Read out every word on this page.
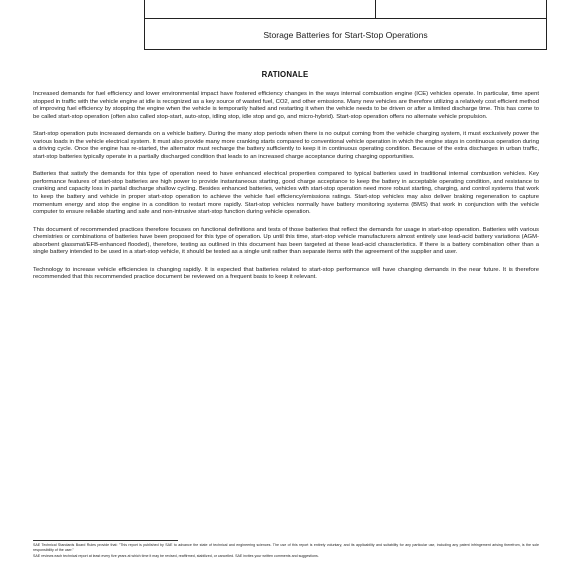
Storage Batteries for Start-Stop Operations
RATIONALE

Increased demands for fuel efficiency and lower environmental impact have fostered efficiency changes in the ways internal combustion engine (ICE) vehicles operate. In particular, time spent stopped in traffic with the vehicle engine at idle is recognized as a key source of wasted fuel, CO2, and other emissions. Many new vehicles are therefore utilizing a relatively cost efficient method of improving fuel efficiency by stopping the engine when the vehicle is temporarily halted and restarting it when the vehicle needs to be driven or after a limited discharge time. This has come to be called start-stop operation (often also called stop-start, auto-stop, idling stop, idle stop and go, and micro-hybrid). Start-stop operation offers no alternate vehicle propulsion.

Start-stop operation puts increased demands on a vehicle battery. During the many stop periods when there is no output coming from the vehicle charging system, it must exclusively power the various loads in the vehicle electrical system. It must also provide many more cranking starts compared to conventional vehicle operation in which the engine stays in continuous operation during a driving cycle. Once the engine has re-started, the alternator must recharge the battery sufficiently to keep it in continuous operating condition. Because of the extra discharges in urban traffic, start-stop batteries typically operate in a partially discharged condition that leads to an increased charge acceptance during charging opportunities.

Batteries that satisfy the demands for this type of operation need to have enhanced electrical properties compared to typical batteries used in traditional internal combustion vehicles. Key performance features of start-stop batteries are high power to provide instantaneous starting, good charge acceptance to keep the battery in acceptable operating condition, and resistance to cranking and capacity loss in partial discharge shallow cycling. Besides enhanced batteries, vehicles with start-stop operation need more robust starting, charging, and control systems that work to keep the battery and vehicle in proper start-stop operation to achieve the vehicle fuel efficiency/emissions ratings. Start-stop vehicles may also deliver braking regeneration to capture momentum energy and stop the engine in a condition to restart more rapidly. Start-stop vehicles normally have battery monitoring systems (BMS) that work in conjunction with the vehicle computer to ensure reliable starting and safe and non-intrusive start-stop function during vehicle operation.

This document of recommended practices therefore focuses on functional definitions and tests of those batteries that reflect the demands for usage in start-stop operation. Batteries with various chemistries or combinations of batteries have been proposed for this type of operation. Up until this time, start-stop vehicle manufacturers almost entirely use lead-acid battery variations (AGM-absorbent glassmat/EFB-enhanced flooded), therefore, testing as outlined in this document has been targeted at these lead-acid characteristics. If there is a battery combination other than a single battery intended to be used in a start-stop vehicle, it should be tested as a single unit rather than separate items with the agreement of the supplier and user.

Technology to increase vehicle efficiencies is changing rapidly. It is expected that batteries related to start-stop performance will have changing demands in the near future. It is therefore recommended that this recommended practice document be reviewed on a frequent basis to keep it relevant.

SAE Technical Standards Board Rules provide that: "This report is published by SAE to advance the state of technical and engineering sciences. The use of this report is entirely voluntary, and its applicability and suitability for any particular use, including any patent infringement arising therefrom, is the sole responsibility of the user."

SAE reviews each technical report at least every five years at which time it may be revised, reaffirmed, stabilized, or cancelled. SAE invites your written comments and suggestions.
